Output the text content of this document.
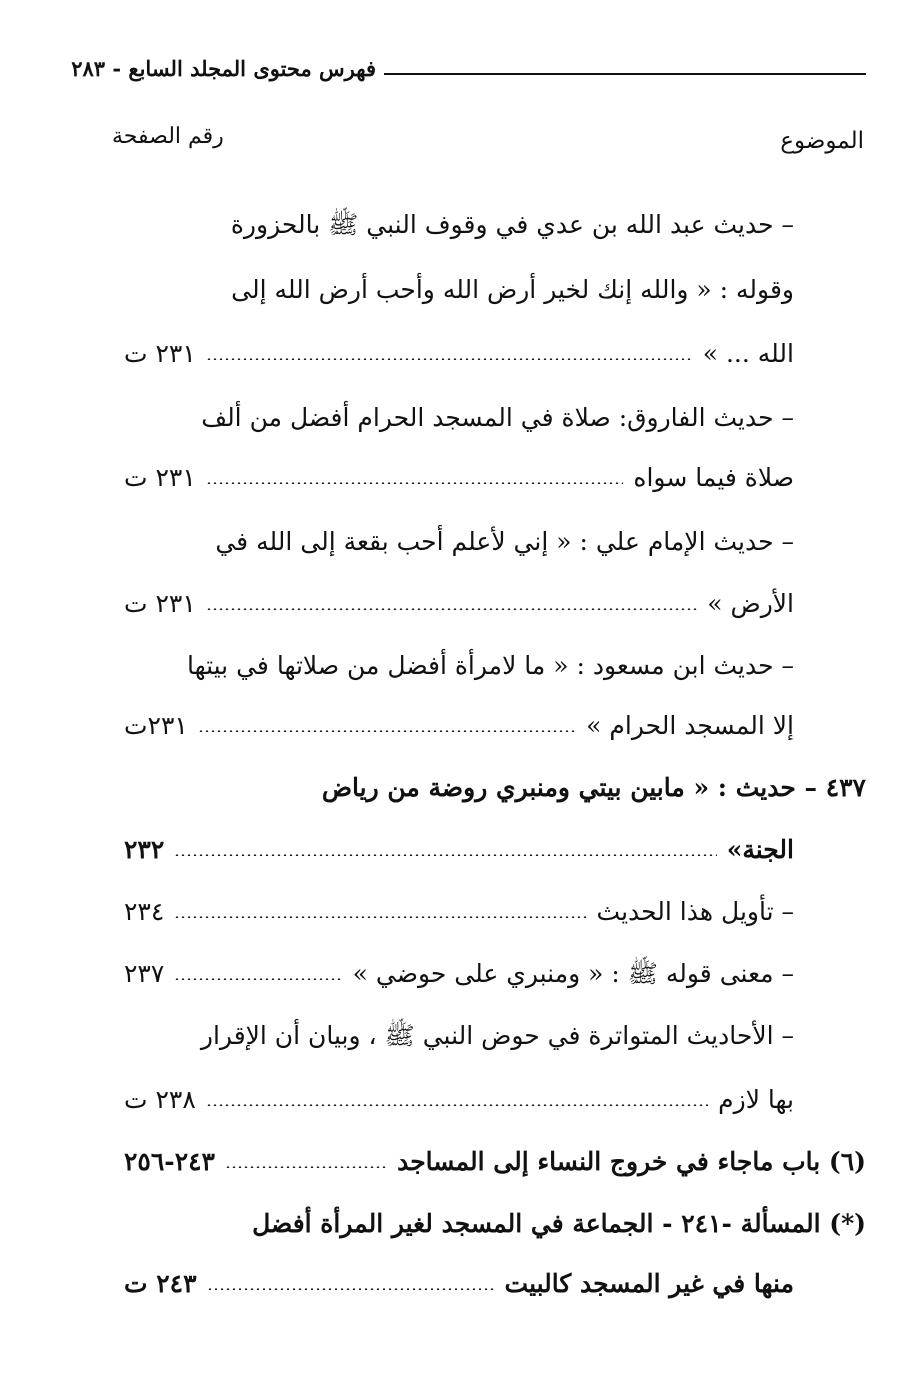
فهرس محتوى المجلد السابع - ٢٨٣
الموضوع
رقم الصفحة
– حديث عبد الله بن عدي في وقوف النبي ﷺ بالحزورة
وقوله : « والله إنك لخير أرض الله وأحب أرض الله إلى
الله ... »
٢٣١ ت
– حديث الفاروق: صلاة في المسجد الحرام أفضل من ألف
صلاة فيما سواه
٢٣١ ت
– حديث الإمام علي : « إني لأعلم أحب بقعة إلى الله في
الأرض »
٢٣١ ت
– حديث ابن مسعود : « ما لامرأة أفضل من صلاتها في بيتها
إلا المسجد الحرام »
٢٣١ت
٤٣٧ – حديث : « مابين بيتي ومنبري روضة من رياض
الجنة»
٢٣٢
– تأويل هذا الحديث
٢٣٤
– معنى قوله ﷺ : « ومنبري على حوضي »
٢٣٧
– الأحاديث المتواترة في حوض النبي ﷺ ، وبيان أن الإقرار
بها لازم
٢٣٨ ت
(٦) باب ماجاء في خروج النساء إلى المساجد
٢٤٣-٢٥٦
(*) المسألة -٢٤١ - الجماعة في المسجد لغير المرأة أفضل
منها في غير المسجد كالبيت
٢٤٣ ت
